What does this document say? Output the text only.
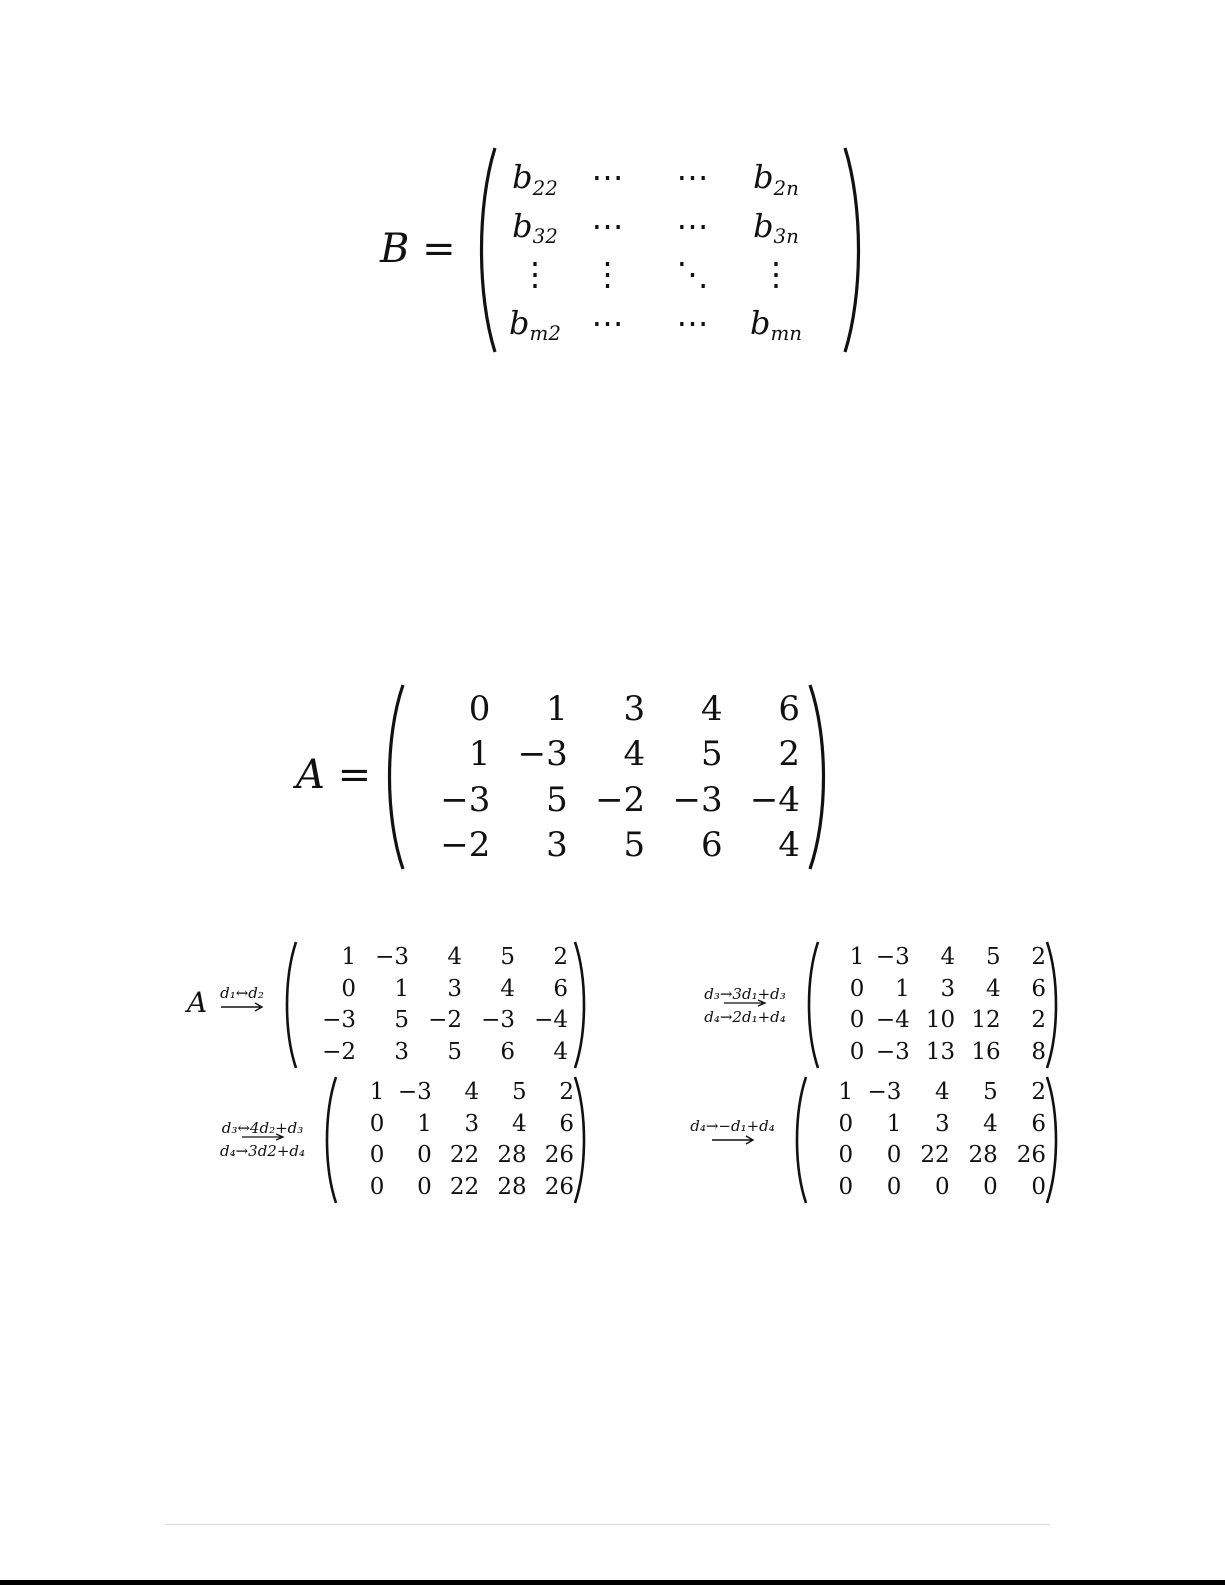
B =
b22	⋯	⋯	b2n
b32	⋯	⋯	b3n
⋮	⋮	⋱	⋮
bm2 ⋯	⋯	bmn
A =
0	1	3	4	6
1 −3	4	5	2
−3	5 −2 −3 −4
−2	3	5	6	4
A d₁↔d₂
1 −3	4	5	2
0	1	3	4	6
−3	5 −2 −3 −4
−2	3	5	6	4
d₃→3d₁+d₃
d₄→2d₁+d₄
1 −3	4	5	2
0	1	3	4	6
0 −4 10 12	2
0 −3 13 16	8
d₃↔4d₂+d₃
d₄→3d2+d₄
1 −3	4	5	2
0	1	3	4	6
0	0 22 28 26
0	0 22 28 26
d₄→−d₁+d₄
1 −3	4	5	2
0	1	3	4	6
0	0 22 28 26
0	0	0	0	0
